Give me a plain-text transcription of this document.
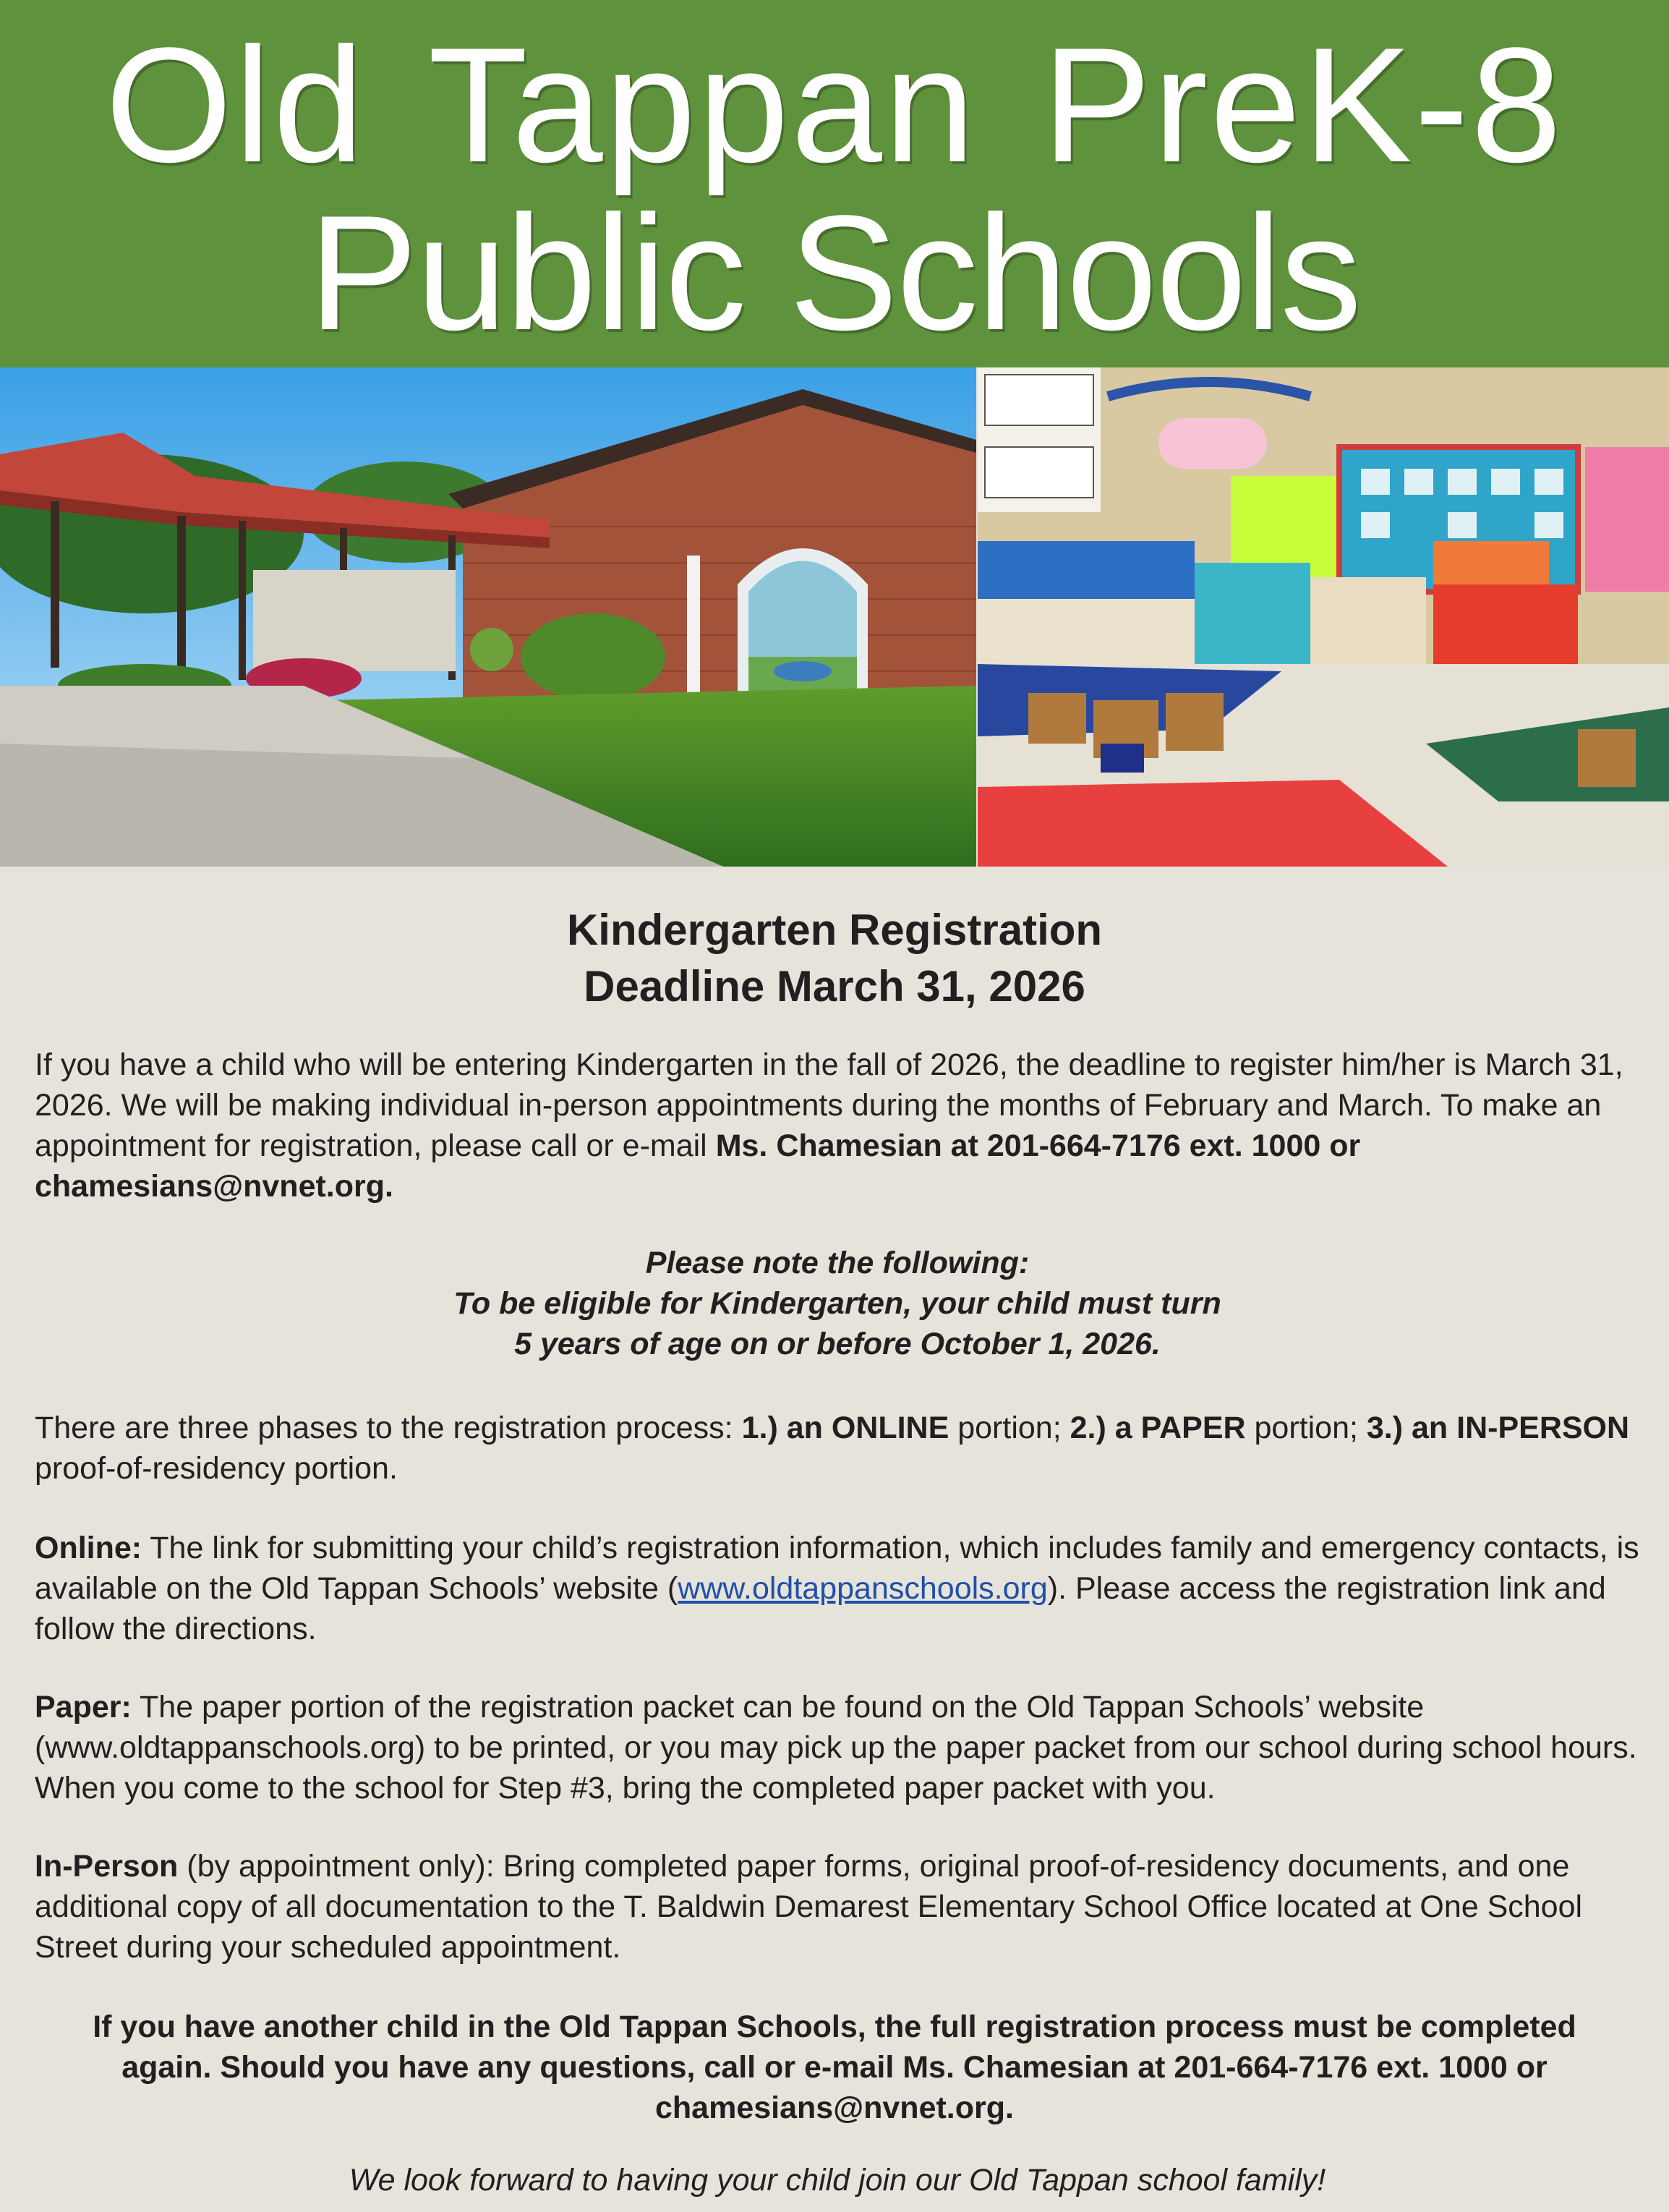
Old Tappan PreK-8
Public Schools
Kindergarten Registration
Deadline March 31, 2026
If you have a child who will be entering Kindergarten in the fall of 2026, the deadline to register him/her is March 31, 2026. We will be making individual in-person appointments during the months of February and March. To make an appointment for registration, please call or e-mail Ms. Chamesian at 201-664-7176 ext. 1000 or chamesians@nvnet.org.
Please note the following:
To be eligible for Kindergarten, your child must turn
5 years of age on or before October 1, 2026.
There are three phases to the registration process: 1.) an ONLINE portion; 2.) a PAPER portion; 3.) an IN-PERSON proof-of-residency portion.
Online: The link for submitting your child’s registration information, which includes family and emergency contacts, is available on the Old Tappan Schools’ website (www.oldtappanschools.org). Please access the registration link and follow the directions.
Paper: The paper portion of the registration packet can be found on the Old Tappan Schools’ website (www.oldtappanschools.org) to be printed, or you may pick up the paper packet from our school during school hours. When you come to the school for Step #3, bring the completed paper packet with you.
In-Person (by appointment only): Bring completed paper forms, original proof-of-residency documents, and one additional copy of all documentation to the T. Baldwin Demarest Elementary School Office located at One School Street during your scheduled appointment.
If you have another child in the Old Tappan Schools, the full registration process must be completed again. Should you have any questions, call or e-mail Ms. Chamesian at 201-664-7176 ext. 1000 or chamesians@nvnet.org.
We look forward to having your child join our Old Tappan school family!
